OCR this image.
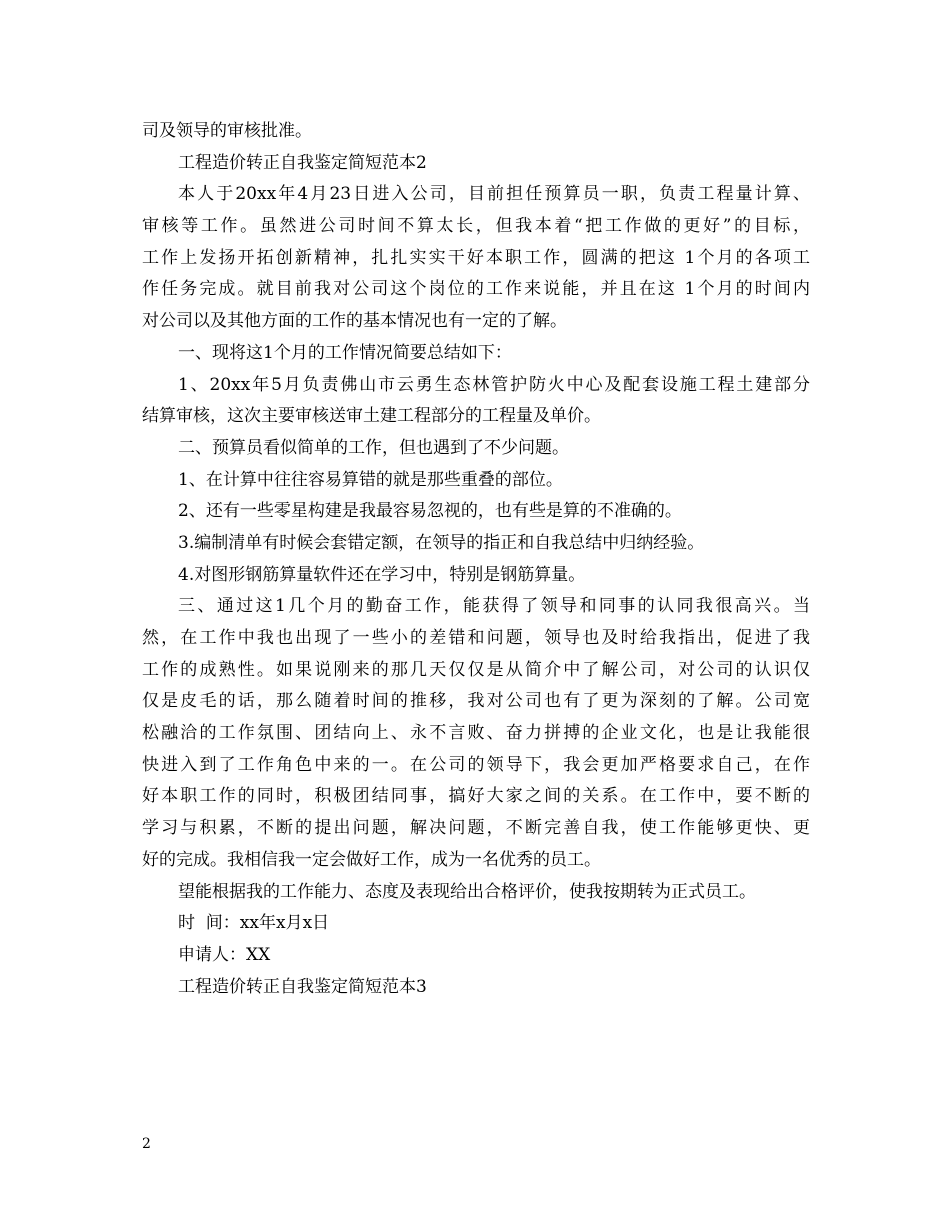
司及领导的审核批准。
工程造价转正自我鉴定简短范本2
本人于20xx年4月23日进入公司，目前担任预算员一职，负责工程量计算、
审核等工作。虽然进公司时间不算太长，但我本着“把工作做的更好”的目标，
工作上发扬开拓创新精神，扎扎实实干好本职工作，圆满的把这 1个月的各项工
作任务完成。就目前我对公司这个岗位的工作来说能，并且在这 1个月的时间内
对公司以及其他方面的工作的基本情况也有一定的了解。
一、现将这1个月的工作情况简要总结如下：
1、20xx年5月负责佛山市云勇生态林管护防火中心及配套设施工程土建部分
结算审核，这次主要审核送审土建工程部分的工程量及单价。
二、预算员看似简单的工作，但也遇到了不少问题。
1、在计算中往往容易算错的就是那些重叠的部位。
2、还有一些零星构建是我最容易忽视的，也有些是算的不准确的。
3.编制清单有时候会套错定额，在领导的指正和自我总结中归纳经验。
4.对图形钢筋算量软件还在学习中，特别是钢筋算量。
三、通过这1几个月的勤奋工作，能获得了领导和同事的认同我很高兴。当
然，在工作中我也出现了一些小的差错和问题，领导也及时给我指出，促进了我
工作的成熟性。如果说刚来的那几天仅仅是从简介中了解公司，对公司的认识仅
仅是皮毛的话，那么随着时间的推移，我对公司也有了更为深刻的了解。公司宽
松融洽的工作氛围、团结向上、永不言败、奋力拼搏的企业文化，也是让我能很
快进入到了工作角色中来的一。在公司的领导下，我会更加严格要求自己，在作
好本职工作的同时，积极团结同事，搞好大家之间的关系。在工作中，要不断的
学习与积累，不断的提出问题，解决问题，不断完善自我，使工作能够更快、更
好的完成。我相信我一定会做好工作，成为一名优秀的员工。
望能根据我的工作能力、态度及表现给出合格评价，使我按期转为正式员工。
时  间：xx年x月x日
申请人：XX
工程造价转正自我鉴定简短范本3
2
